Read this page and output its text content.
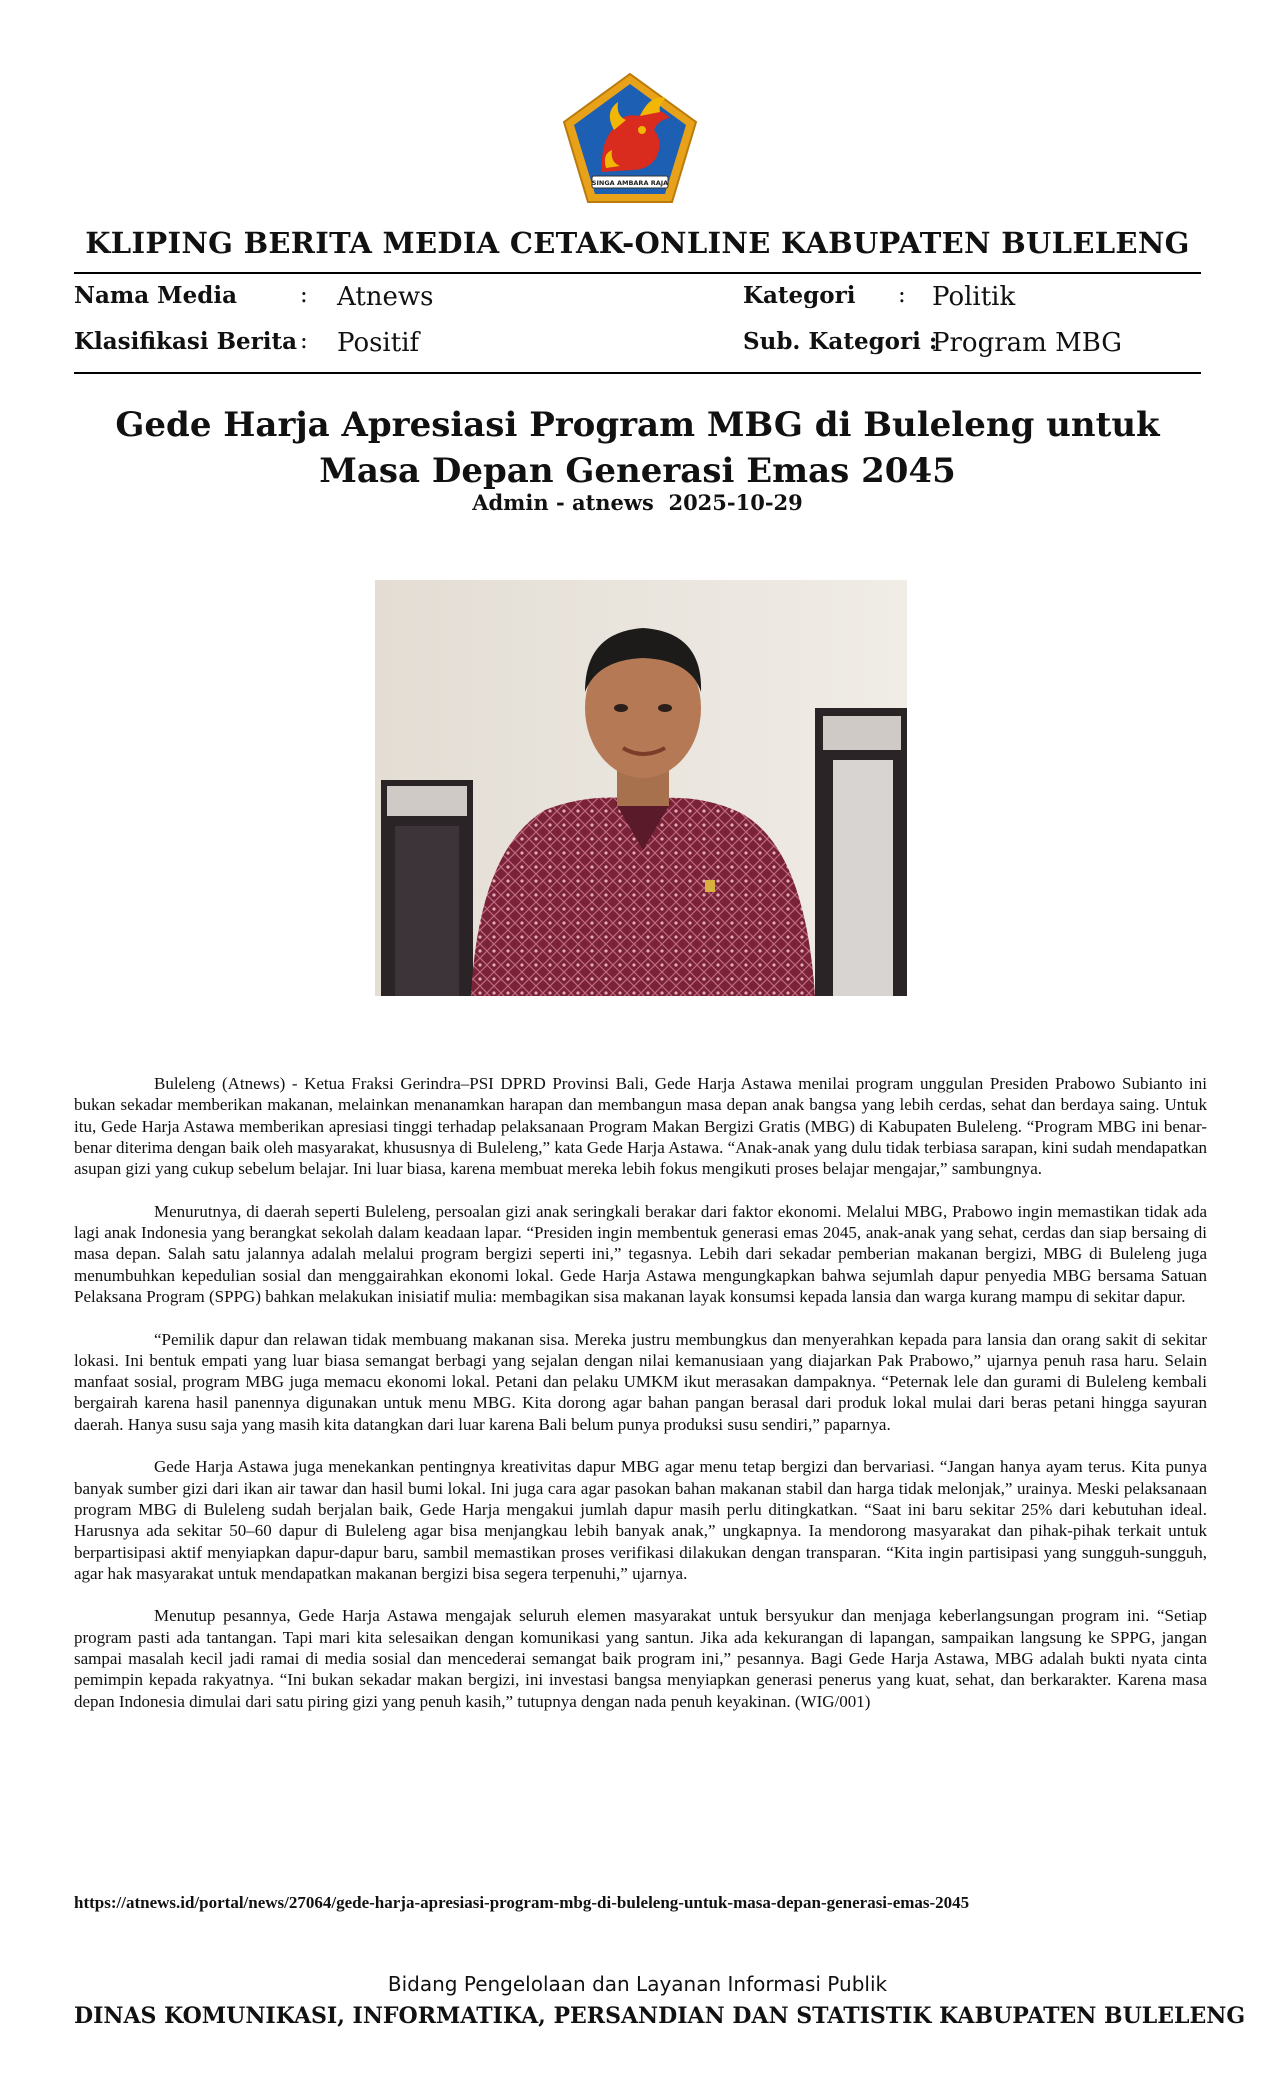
SINGA AMBARA RAJA
KLIPING BERITA MEDIA CETAK-ONLINE KABUPATEN BULELENG
Nama Media	: Atnews
Klasifikasi Berita : Positif
Kategori : Politik
Sub. Kategori :
Program MBG
Gede Harja Apresiasi Program MBG di Buleleng untuk Masa Depan Generasi Emas 2045
Admin - atnews 2025-10-29

Buleleng (Atnews) - Ketua Fraksi Gerindra–PSI DPRD Provinsi Bali, Gede Harja Astawa menilai program unggulan Presiden Prabowo Subianto ini bukan sekadar memberikan makanan, melainkan menanamkan harapan dan membangun masa depan anak bangsa yang lebih cerdas, sehat dan berdaya saing. Untuk itu, Gede Harja Astawa memberikan apresiasi tinggi terhadap pelaksanaan Program Makan Bergizi Gratis (MBG) di Kabupaten Buleleng. “Program MBG ini benar-benar diterima dengan baik oleh masyarakat, khususnya di Buleleng,” kata Gede Harja Astawa. “Anak-anak yang dulu tidak terbiasa sarapan, kini sudah mendapatkan asupan gizi yang cukup sebelum belajar. Ini luar biasa, karena membuat mereka lebih fokus mengikuti proses belajar mengajar,” sambungnya.

Menurutnya, di daerah seperti Buleleng, persoalan gizi anak seringkali berakar dari faktor ekonomi. Melalui MBG, Prabowo ingin memastikan tidak ada lagi anak Indonesia yang berangkat sekolah dalam keadaan lapar. “Presiden ingin membentuk generasi emas 2045, anak-anak yang sehat, cerdas dan siap bersaing di masa depan. Salah satu jalannya adalah melalui program bergizi seperti ini,” tegasnya. Lebih dari sekadar pemberian makanan bergizi, MBG di Buleleng juga menumbuhkan kepedulian sosial dan menggairahkan ekonomi lokal. Gede Harja Astawa mengungkapkan bahwa sejumlah dapur penyedia MBG bersama Satuan Pelaksana Program (SPPG) bahkan melakukan inisiatif mulia: membagikan sisa makanan layak konsumsi kepada lansia dan warga kurang mampu di sekitar dapur.

“Pemilik dapur dan relawan tidak membuang makanan sisa. Mereka justru membungkus dan menyerahkan kepada para lansia dan orang sakit di sekitar lokasi. Ini bentuk empati yang luar biasa semangat berbagi yang sejalan dengan nilai kemanusiaan yang diajarkan Pak Prabowo,” ujarnya penuh rasa haru. Selain manfaat sosial, program MBG juga memacu ekonomi lokal. Petani dan pelaku UMKM ikut merasakan dampaknya. “Peternak lele dan gurami di Buleleng kembali bergairah karena hasil panennya digunakan untuk menu MBG. Kita dorong agar bahan pangan berasal dari produk lokal mulai dari beras petani hingga sayuran daerah. Hanya susu saja yang masih kita datangkan dari luar karena Bali belum punya produksi susu sendiri,” paparnya.

Gede Harja Astawa juga menekankan pentingnya kreativitas dapur MBG agar menu tetap bergizi dan bervariasi. “Jangan hanya ayam terus. Kita punya banyak sumber gizi dari ikan air tawar dan hasil bumi lokal. Ini juga cara agar pasokan bahan makanan stabil dan harga tidak melonjak,” urainya. Meski pelaksanaan program MBG di Buleleng sudah berjalan baik, Gede Harja mengakui jumlah dapur masih perlu ditingkatkan. “Saat ini baru sekitar 25% dari kebutuhan ideal. Harusnya ada sekitar 50–60 dapur di Buleleng agar bisa menjangkau lebih banyak anak,” ungkapnya. Ia mendorong masyarakat dan pihak-pihak terkait untuk berpartisipasi aktif menyiapkan dapur-dapur baru, sambil memastikan proses verifikasi dilakukan dengan transparan. “Kita ingin partisipasi yang sungguh-sungguh, agar hak masyarakat untuk mendapatkan makanan bergizi bisa segera terpenuhi,” ujarnya.

Menutup pesannya, Gede Harja Astawa mengajak seluruh elemen masyarakat untuk bersyukur dan menjaga keberlangsungan program ini. “Setiap program pasti ada tantangan. Tapi mari kita selesaikan dengan komunikasi yang santun. Jika ada kekurangan di lapangan, sampaikan langsung ke SPPG, jangan sampai masalah kecil jadi ramai di media sosial dan mencederai semangat baik program ini,” pesannya. Bagi Gede Harja Astawa, MBG adalah bukti nyata cinta pemimpin kepada rakyatnya. “Ini bukan sekadar makan bergizi, ini investasi bangsa menyiapkan generasi penerus yang kuat, sehat, dan berkarakter. Karena masa depan Indonesia dimulai dari satu piring gizi yang penuh kasih,” tutupnya dengan nada penuh keyakinan. (WIG/001)

https://atnews.id/portal/news/27064/gede-harja-apresiasi-program-mbg-di-buleleng-untuk-masa-depan-generasi-emas-2045
Bidang Pengelolaan dan Layanan Informasi Publik
DINAS KOMUNIKASI, INFORMATIKA, PERSANDIAN DAN STATISTIK KABUPATEN BULELENG
